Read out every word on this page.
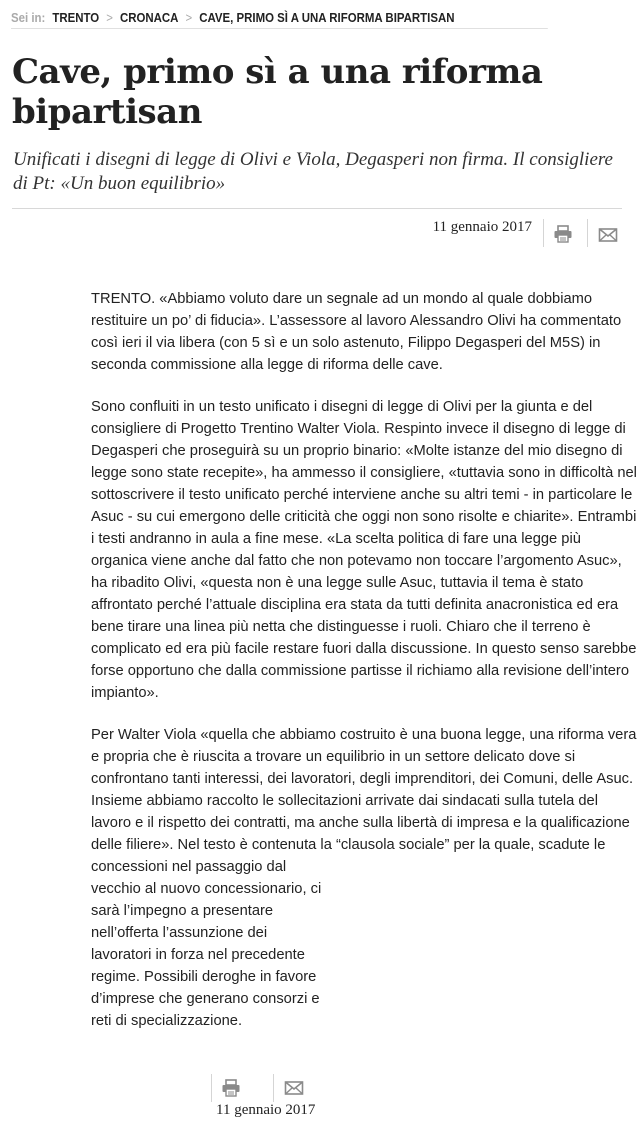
Sei in: TRENTO > CRONACA > CAVE, PRIMO SÌ A UNA RIFORMA BIPARTISAN
Cave, primo sì a una riforma bipartisan

Unificati i disegni di legge di Olivi e Viola, Degasperi non firma. Il consigliere di Pt: «Un buon equilibrio»

11 gennaio 2017

TRENTO. «Abbiamo voluto dare un segnale ad un mondo al quale dobbiamo restituire un po’ di fiducia». L’assessore al lavoro Alessandro Olivi ha commentato così ieri il via libera (con 5 sì e un solo astenuto, Filippo Degasperi del M5S) in seconda commissione alla legge di riforma delle cave.

Sono confluiti in un testo unificato i disegni di legge di Olivi per la giunta e del consigliere di Progetto Trentino Walter Viola. Respinto invece il disegno di legge di Degasperi che proseguirà su un proprio binario: «Molte istanze del mio disegno di legge sono state recepite», ha ammesso il consigliere, «tuttavia sono in difficoltà nel sottoscrivere il testo unificato perché interviene anche su altri temi - in particolare le Asuc - su cui emergono delle criticità che oggi non sono risolte e chiarite». Entrambi i testi andranno in aula a fine mese. «La scelta politica di fare una legge più organica viene anche dal fatto che non potevamo non toccare l’argomento Asuc», ha ribadito Olivi, «questa non è una legge sulle Asuc, tuttavia il tema è stato affrontato perché l’attuale disciplina era stata da tutti definita anacronistica ed era bene tirare una linea più netta che distinguesse i ruoli. Chiaro che il terreno è complicato ed era più facile restare fuori dalla discussione. In questo senso sarebbe forse opportuno che dalla commissione partisse il richiamo alla revisione dell’intero impianto».

Per Walter Viola «quella che abbiamo costruito è una buona legge, una riforma vera e propria che è riuscita a trovare un equilibrio in un settore delicato dove si confrontano tanti interessi, dei lavoratori, degli imprenditori, dei Comuni, delle Asuc. Insieme abbiamo raccolto le sollecitazioni arrivate dai sindacati sulla tutela del lavoro e il rispetto dei contratti, ma anche sulla libertà di impresa e la qualificazione delle filiere». Nel testo è contenuta la “clausola sociale” per la quale, scadute le

concessioni nel passaggio dal vecchio al nuovo concessionario, ci sarà l’impegno a presentare nell’offerta l’assunzione dei lavoratori in forza nel precedente regime. Possibili deroghe in favore d’imprese che generano consorzi e reti di specializzazione.

11 gennaio 2017
